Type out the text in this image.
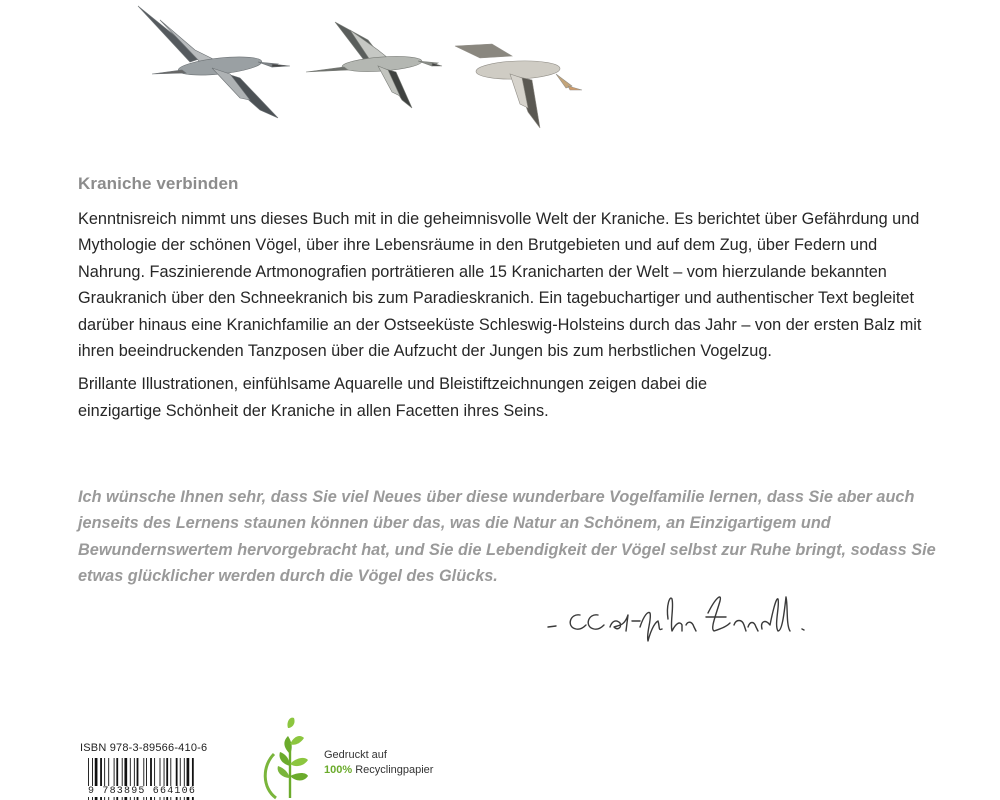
Kraniche verbinden

Kenntnisreich nimmt uns dieses Buch mit in die geheimnisvolle Welt der Kraniche. Es berichtet über Gefährdung und Mythologie der schönen Vögel, über ihre Lebensräume in den Brutgebieten und auf dem Zug, über Federn und Nahrung. Faszinierende Artmonografien porträtieren alle 15 Kranicharten der Welt – vom hierzulande bekannten Graukranich über den Schneekranich bis zum Paradieskranich. Ein tagebuchartiger und authentischer Text begleitet darüber hinaus eine Kranichfamilie an der Ostseeküste Schleswig-Holsteins durch das Jahr – von der ersten Balz mit ihren beeindruckenden Tanzposen über die Aufzucht der Jungen bis zum herbstlichen Vogelzug.

Brillante Illustrationen, einfühlsame Aquarelle und Bleistiftzeichnungen zeigen dabei die einzigartige Schönheit der Kraniche in allen Facetten ihres Seins.

Ich wünsche Ihnen sehr, dass Sie viel Neues über diese wunderbare Vogelfamilie lernen, dass Sie aber auch jenseits des Lernens staunen können über das, was die Natur an Schönem, an Einzigartigem und Bewundernswertem hervorgebracht hat, und Sie die Lebendigkeit der Vögel selbst zur Ruhe bringt, sodass Sie etwas glücklicher werden durch die Vögel des Glücks.
ISBN 978-3-89566-410-6
9 783895 664106
Gedruckt auf
100% Recyclingpapier
